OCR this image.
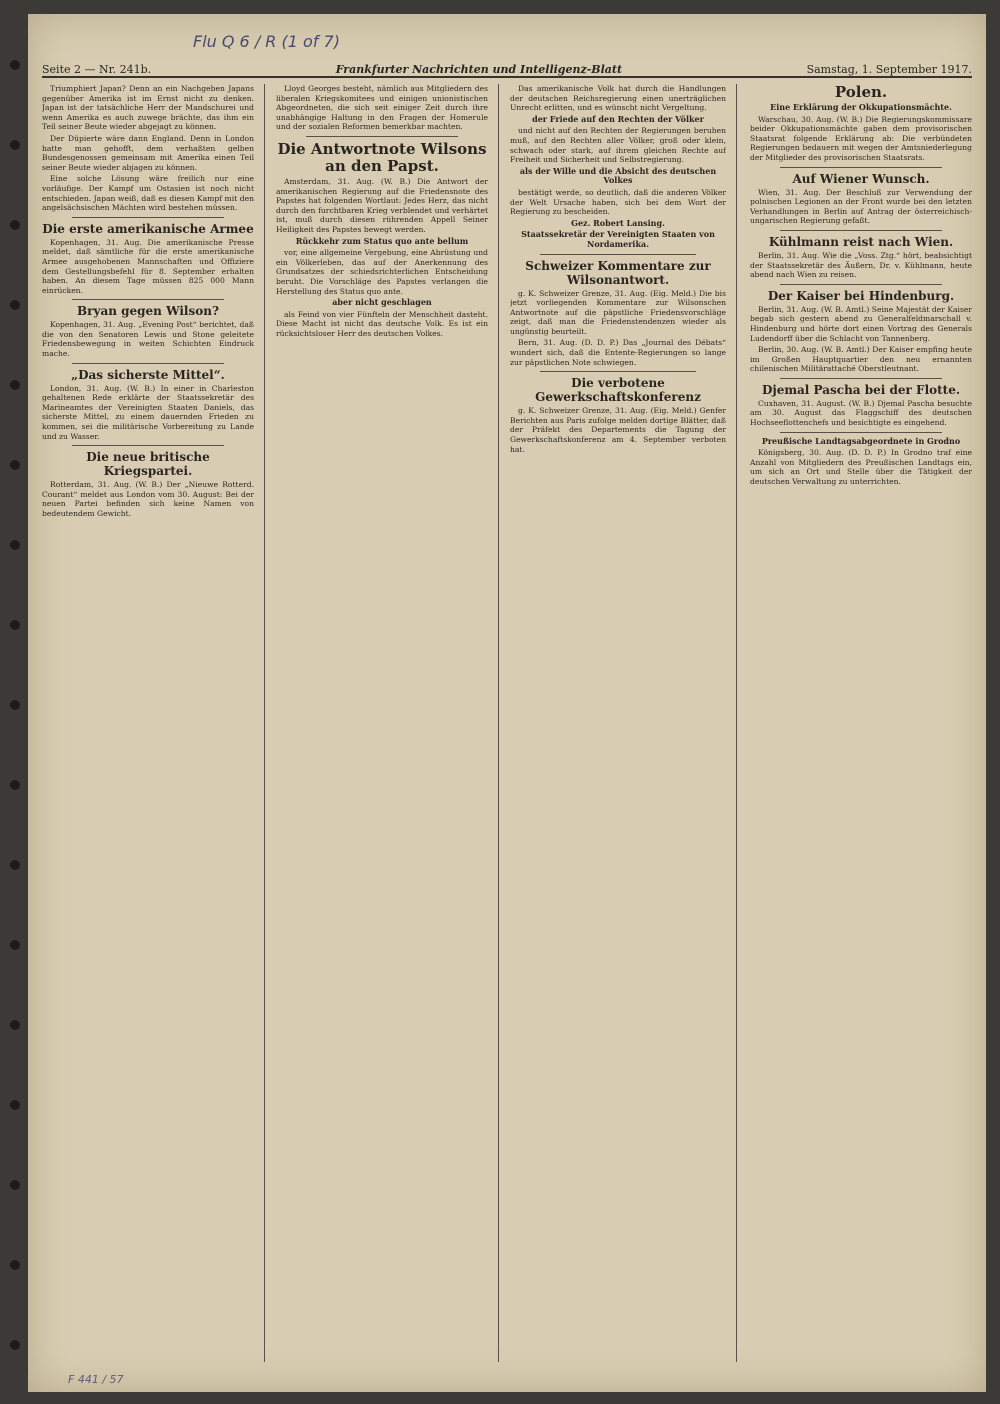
Flu Q 6 / R (1 of 7)
Seite 2 — Nr. 241b.	Frankfurter Nachrichten und Intelligenz-Blatt	Samstag, 1. September 1917.

Triumphiert Japan? Denn an ein Nachgeben Japans gegenüber Amerika ist im Ernst nicht zu denken. Japan ist der tatsächliche Herr der Mandschurei und wenn Amerika es auch zuwege brächte, das ihm ein Teil seiner Beute wieder abgejagt zu können.

Der Düpierte wäre dann England. Denn in London hatte man gehofft, dem verhaßten gelben Bundesgenossen gemeinsam mit Amerika einen Teil seiner Beute wieder abjagen zu können.

Eine solche Lösung wäre freilich nur eine vorläufige. Der Kampf um Ostasien ist noch nicht entschieden. Japan weiß, daß es diesen Kampf mit den angelsächsischen Mächten wird bestehen müssen.

Die erste amerikanische Armee

Kopenhagen, 31. Aug. Die amerikanische Presse meldet, daß sämtliche für die erste amerikanische Armee ausgehobenen Mannschaften und Offiziere dem Gestellungsbefehl für 8. September erhalten haben. An diesem Tage müssen 825 000 Mann einrücken.

Bryan gegen Wilson?

Kopenhagen, 31. Aug. „Evening Post“ berichtet, daß die von den Senatoren Lewis und Stone geleitete Friedensbewegung in weiten Schichten Eindruck mache.

„Das sicherste Mittel“.

London, 31. Aug. (W. B.) In einer in Charleston gehaltenen Rede erklärte der Staatssekretär des Marineamtes der Vereinigten Staaten Daniels, das sicherste Mittel, zu einem dauernden Frieden zu kommen, sei die militärische Vorbereitung zu Lande und zu Wasser.

Die neue britische Kriegspartei.

Rotterdam, 31. Aug. (W. B.) Der „Nieuwe Rotterd. Courant“ meldet aus London vom 30. August: Bei der neuen Partei befinden sich keine Namen von bedeutendem Gewicht.

Lloyd Georges besteht, nämlich aus Mitgliedern des liberalen Kriegskomitees und einigen unionistischen Abgeordneten, die sich seit einiger Zeit durch ihre unabhängige Haltung in den Fragen der Homerule und der sozialen Reformen bemerkbar machten.

Die Antwortnote Wilsons an den Papst.

Amsterdam, 31. Aug. (W. B.) Die Antwort der amerikanischen Regierung auf die Friedensnote des Papstes hat folgenden Wortlaut: Jedes Herz, das nicht durch den furchtbaren Krieg verblendet und verhärtet ist, muß durch diesen rührenden Appell Seiner Heiligkeit des Papstes bewegt werden.

Rückkehr zum Status quo ante bellum

vor, eine allgemeine Vergebung, eine Abrüstung und ein Völkerleben, das auf der Anerkennung des Grundsatzes der schiedsrichterlichen Entscheidung beruht. Die Vorschläge des Papstes verlangen die Herstellung des Status quo ante.

aber nicht geschlagen

als Feind von vier Fünfteln der Menschheit dasteht. Diese Macht ist nicht das deutsche Volk. Es ist ein rücksichtsloser Herr des deutschen Volkes.

Das amerikanische Volk hat durch die Handlungen der deutschen Reichsregierung einen unerträglichen Unrecht erlitten, und es wünscht nicht Vergeltung.

der Friede auf den Rechten der Völker

und nicht auf den Rechten der Regierungen beruhen muß, auf den Rechten aller Völker, groß oder klein, schwach oder stark, auf ihrem gleichen Rechte auf Freiheit und Sicherheit und Selbstregierung.

als der Wille und die Absicht des deutschen Volkes

bestätigt werde, so deutlich, daß die anderen Völker der Welt Ursache haben, sich bei dem Wort der Regierung zu bescheiden.

Gez. Robert Lansing.

Staatssekretär der Vereinigten Staaten von Nordamerika.

Schweizer Kommentare zur Wilsonantwort.

g. K. Schweizer Grenze, 31. Aug. (Eig. Meld.) Die bis jetzt vorliegenden Kommentare zur Wilsonschen Antwortnote auf die päpstliche Friedensvorschläge zeigt, daß man die Friedenstendenzen wieder als ungünstig beurteilt.

Bern, 31. Aug. (D. D. P.) Das „Journal des Débats“ wundert sich, daß die Entente-Regierungen so lange zur päpstlichen Note schwiegen.

Die verbotene Gewerkschaftskonferenz

g. K. Schweizer Grenze, 31. Aug. (Eig. Meld.) Genfer Berichten aus Paris zufolge melden dortige Blätter, daß der Präfekt des Departements die Tagung der Gewerkschaftskonferenz am 4. September verboten hat.

Polen.

Eine Erklärung der Okkupationsmächte.

Warschau, 30. Aug. (W. B.) Die Regierungskommissare beider Okkupationsmächte gaben dem provisorischen Staatsrat folgende Erklärung ab: Die verbündeten Regierungen bedauern mit wegen der Amtsniederlegung der Mitglieder des provisorischen Staatsrats.

Auf Wiener Wunsch.

Wien, 31. Aug. Der Beschluß zur Verwendung der polnischen Legionen an der Front wurde bei den letzten Verhandlungen in Berlin auf Antrag der österreichisch-ungarischen Regierung gefaßt.

Kühlmann reist nach Wien.

Berlin, 31. Aug. Wie die „Voss. Ztg.“ hört, beabsichtigt der Staatssekretär des Äußern, Dr. v. Kühlmann, heute abend nach Wien zu reisen.

Der Kaiser bei Hindenburg.

Berlin, 31. Aug. (W. B. Amtl.) Seine Majestät der Kaiser begab sich gestern abend zu Generalfeldmarschall v. Hindenburg und hörte dort einen Vortrag des Generals Ludendorff über die Schlacht von Tannenberg.

Berlin, 30. Aug. (W. B. Amtl.) Der Kaiser empfing heute im Großen Hauptquartier den neu ernannten chilenischen Militärattaché Oberstleutnant.

Djemal Pascha bei der Flotte.

Cuxhaven, 31. August. (W. B.) Djemal Pascha besuchte am 30. August das Flaggschiff des deutschen Hochseeflottenchefs und besichtigte es eingehend.

Preußische Landtagsabgeordnete in Grodno

Königsberg, 30. Aug. (D. D. P.) In Grodno traf eine Anzahl von Mitgliedern des Preußischen Landtags ein, um sich an Ort und Stelle über die Tätigkeit der deutschen Verwaltung zu unterrichten.

F 441 / 57
